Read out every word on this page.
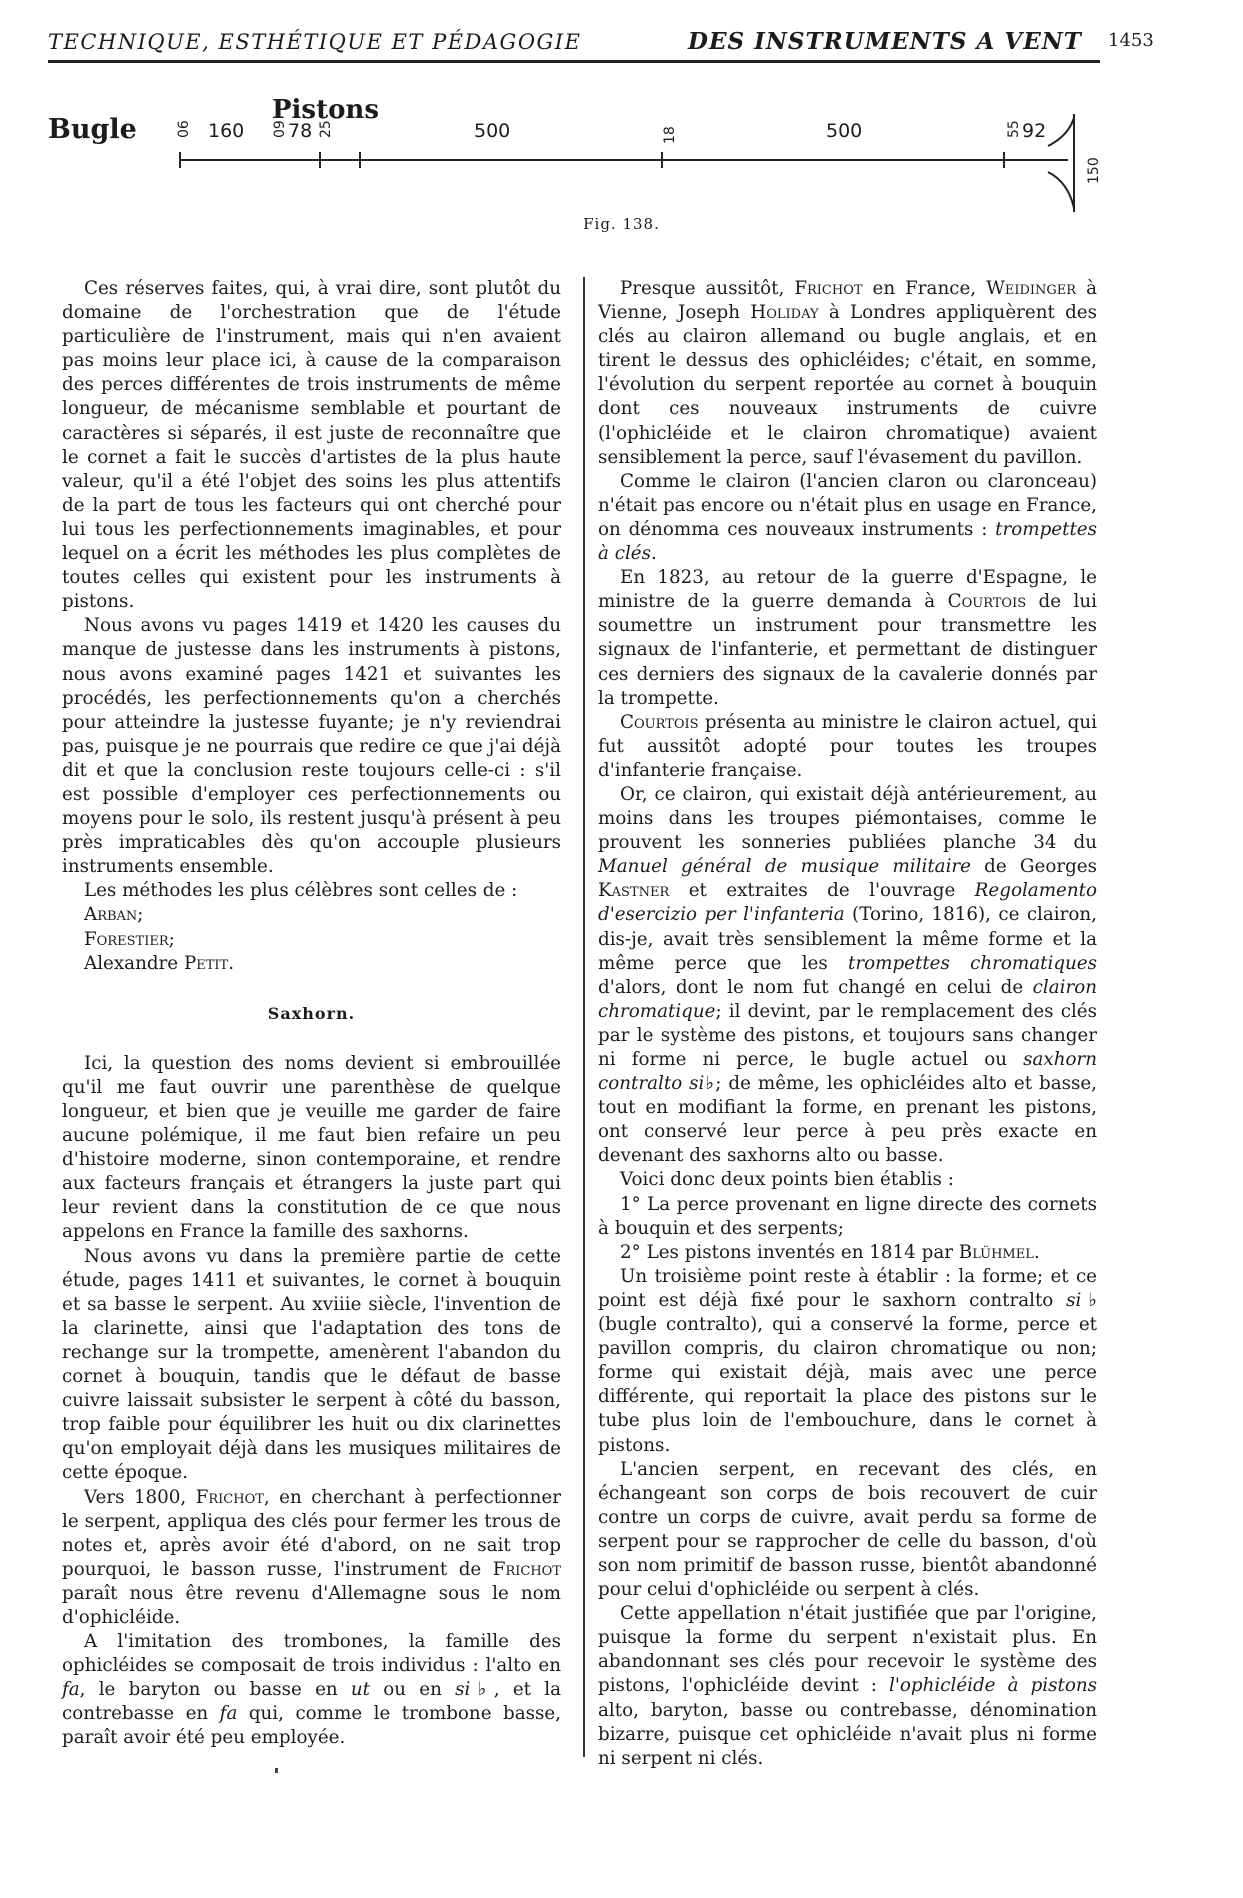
TECHNIQUE, ESTHÉTIQUE ET PÉDAGOGIE	DES INSTRUMENTS A VENT 1453
Bugle
Pistons
06 160 09 78 25	500	18	500	55 92
150
Fig. 138.

Ces réserves faites, qui, à vrai dire, sont plutôt du domaine de l'orchestration que de l'étude particulière de l'instrument, mais qui n'en avaient pas moins leur place ici, à cause de la comparaison des perces différentes de trois instruments de même longueur, de mécanisme semblable et pourtant de caractères si séparés, il est juste de reconnaître que le cornet a fait le succès d'artistes de la plus haute valeur, qu'il a été l'objet des soins les plus attentifs de la part de tous les facteurs qui ont cherché pour lui tous les perfectionnements imaginables, et pour lequel on a écrit les méthodes les plus complètes de toutes celles qui existent pour les instruments à pistons.

Nous avons vu pages 1419 et 1420 les causes du manque de justesse dans les instruments à pistons, nous avons examiné pages 1421 et suivantes les procédés, les perfectionnements qu'on a cherchés pour atteindre la justesse fuyante; je n'y reviendrai pas, puisque je ne pourrais que redire ce que j'ai déjà dit et que la conclusion reste toujours celle-ci : s'il est possible d'employer ces perfectionnements ou moyens pour le solo, ils restent jusqu'à présent à peu près impraticables dès qu'on accouple plusieurs instruments ensemble.

Les méthodes les plus célèbres sont celles de :

Arban;
Forestier;
Alexandre Petit.
Saxhorn.

Ici, la question des noms devient si embrouillée qu'il me faut ouvrir une parenthèse de quelque longueur, et bien que je veuille me garder de faire aucune polémique, il me faut bien refaire un peu d'histoire moderne, sinon contemporaine, et rendre aux facteurs français et étrangers la juste part qui leur revient dans la constitution de ce que nous appelons en France la famille des saxhorns.

Nous avons vu dans la première partie de cette étude, pages 1411 et suivantes, le cornet à bouquin et sa basse le serpent. Au xviiie siècle, l'invention de la clarinette, ainsi que l'adaptation des tons de rechange sur la trompette, amenèrent l'abandon du cornet à bouquin, tandis que le défaut de basse cuivre laissait subsister le serpent à côté du basson, trop faible pour équilibrer les huit ou dix clarinettes qu'on employait déjà dans les musiques militaires de cette époque.

Vers 1800, Frichot, en cherchant à perfectionner le serpent, appliqua des clés pour fermer les trous de notes et, après avoir été d'abord, on ne sait trop pourquoi, le basson russe, l'instrument de Frichot paraît nous être revenu d'Allemagne sous le nom d'ophicléide.

A l'imitation des trombones, la famille des ophicléides se composait de trois individus : l'alto en fa, le baryton ou basse en ut ou en si♭, et la contrebasse en fa qui, comme le trombone basse, paraît avoir été peu employée.

Presque aussitôt, Frichot en France, Weidinger à Vienne, Joseph Holiday à Londres appliquèrent des clés au clairon allemand ou bugle anglais, et en tirent le dessus des ophicléides; c'était, en somme, l'évolution du serpent reportée au cornet à bouquin dont ces nouveaux instruments de cuivre (l'ophicléide et le clairon chromatique) avaient sensiblement la perce, sauf l'évasement du pavillon.

Comme le clairon (l'ancien claron ou claronceau) n'était pas encore ou n'était plus en usage en France, on dénomma ces nouveaux instruments : trompettes à clés.

En 1823, au retour de la guerre d'Espagne, le ministre de la guerre demanda à Courtois de lui soumettre un instrument pour transmettre les signaux de l'infanterie, et permettant de distinguer ces derniers des signaux de la cavalerie donnés par la trompette.

Courtois présenta au ministre le clairon actuel, qui fut aussitôt adopté pour toutes les troupes d'infanterie française.

Or, ce clairon, qui existait déjà antérieurement, au moins dans les troupes piémontaises, comme le prouvent les sonneries publiées planche 34 du Manuel général de musique militaire de Georges Kastner et extraites de l'ouvrage Regolamento d'esercizio per l'infanteria (Torino, 1816), ce clairon, dis-je, avait très sensiblement la même forme et la même perce que les trompettes chromatiques d'alors, dont le nom fut changé en celui de clairon chromatique; il devint, par le remplacement des clés par le système des pistons, et toujours sans changer ni forme ni perce, le bugle actuel ou saxhorn contralto si♭; de même, les ophicléides alto et basse, tout en modifiant la forme, en prenant les pistons, ont conservé leur perce à peu près exacte en devenant des saxhorns alto ou basse.

Voici donc deux points bien établis :

1° La perce provenant en ligne directe des cornets à bouquin et des serpents;

2° Les pistons inventés en 1814 par Blühmel.

Un troisième point reste à établir : la forme; et ce point est déjà fixé pour le saxhorn contralto si♭ (bugle contralto), qui a conservé la forme, perce et pavillon compris, du clairon chromatique ou non; forme qui existait déjà, mais avec une perce différente, qui reportait la place des pistons sur le tube plus loin de l'embouchure, dans le cornet à pistons.

L'ancien serpent, en recevant des clés, en échangeant son corps de bois recouvert de cuir contre un corps de cuivre, avait perdu sa forme de serpent pour se rapprocher de celle du basson, d'où son nom primitif de basson russe, bientôt abandonné pour celui d'ophicléide ou serpent à clés.

Cette appellation n'était justifiée que par l'origine, puisque la forme du serpent n'existait plus. En abandonnant ses clés pour recevoir le système des pistons, l'ophicléide devint : l'ophicléide à pistons alto, baryton, basse ou contrebasse, dénomination bizarre, puisque cet ophicléide n'avait plus ni forme ni serpent ni clés.
